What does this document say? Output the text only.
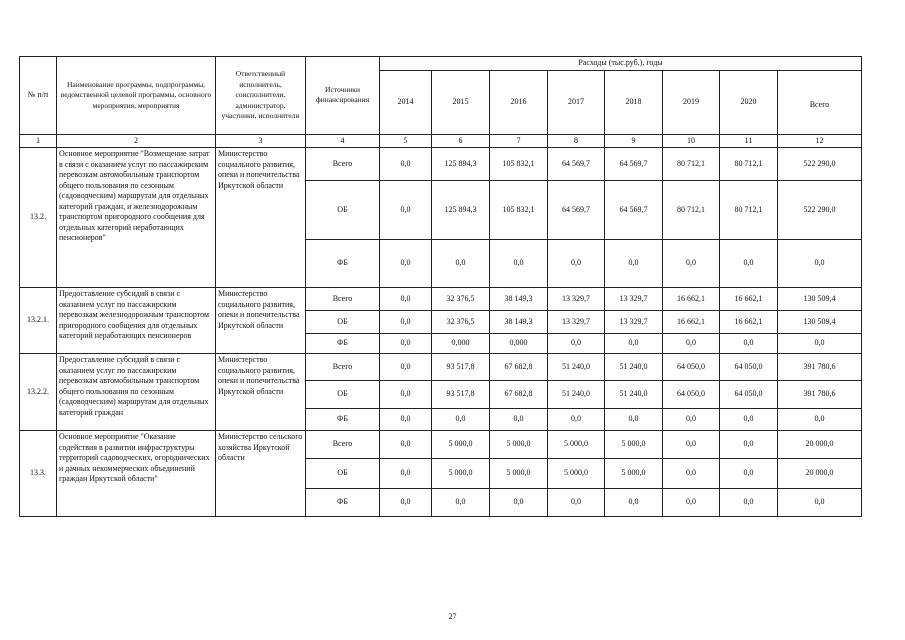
№ п/п	Наименование программы, подпрограммы, ведомственной целевой программы, основного мероприятия, мероприятия	Ответственный исполнитель, соисполнители, администратор, участники, исполнители	Источники финансирования	Расходы (тыс.руб.), годы							
				2014	2015	2016	2017	2018	2019	2020	Всего
1	2	3	4	5	6	7	8	9	10	11	12
13.2.	Основное мероприятие "Возмещение затрат в связи с оказанием услуг по пассажирским перевозкам автомобильным транспортом общего пользования по сезонным (садоводческим) маршрутам для отдельных категорий граждан, и железнодорожным транспортом пригородного сообщения для отдельных категорий неработающих пенсионеров"	Министерство социального развития, опеки и попечительства Иркутской области	Всего	0,0	125 894,3	105 832,1	64 569,7	64 569,7	80 712,1	80 712,1	522 290,0
			ОБ	0,0	125 894,3	105 832,1	64 569,7	64 569,7	80 712,1	80 712,1	522 290,0
			ФБ	0,0	0,0	0,0	0,0	0,0	0,0	0,0	0,0
13.2.1.	Предоставление субсидий в связи с оказанием услуг по пассажирским перевозкам железнодорожным транспортом пригородного сообщения для отдельных категорий неработающих пенсионеров	Министерство социального развития, опеки и попечительства Иркутской области	Всего	0,0	32 376,5	38 149,3	13 329,7	13 329,7	16 662,1	16 662,1	130 509,4
			ОБ	0,0	32 376,5	38 149,3	13 329,7	13 329,7	16 662,1	16 662,1	130 509,4
			ФБ	0,0	0,000	0,000	0,0	0,0	0,0	0,0	0,0
13.2.2.	Предоставление субсидий в связи с оказанием услуг по пассажирским перевозкам автомобильным транспортом общего пользования по сезонным (садоводческим) маршрутам для отдельных категорий граждан	Министерство социального развития, опеки и попечительства Иркутской области	Всего	0,0	93 517,8	67 682,8	51 240,0	51 240,0	64 050,0	64 050,0	391 780,6
			ОБ	0,0	93 517,8	67 682,8	51 240,0	51 240,0	64 050,0	64 050,0	391 780,6
			ФБ	0,0	0,0	0,0	0,0	0,0	0,0	0,0	0,0
13.3.	Основное мероприятие "Оказание содействия в развитии инфраструктуры территорий садоводческих, огороднических и дачных некоммерческих объединений граждан Иркутской области"	Министерство сельского хозяйства Иркутской области	Всего	0,0	5 000,0	5 000,0	5 000,0	5 000,0	0,0	0,0	20 000,0
			ОБ	0,0	5 000,0	5 000,0	5 000,0	5 000,0	0,0	0,0	20 000,0
			ФБ	0,0	0,0	0,0	0,0	0,0	0,0	0,0	0,0
27
